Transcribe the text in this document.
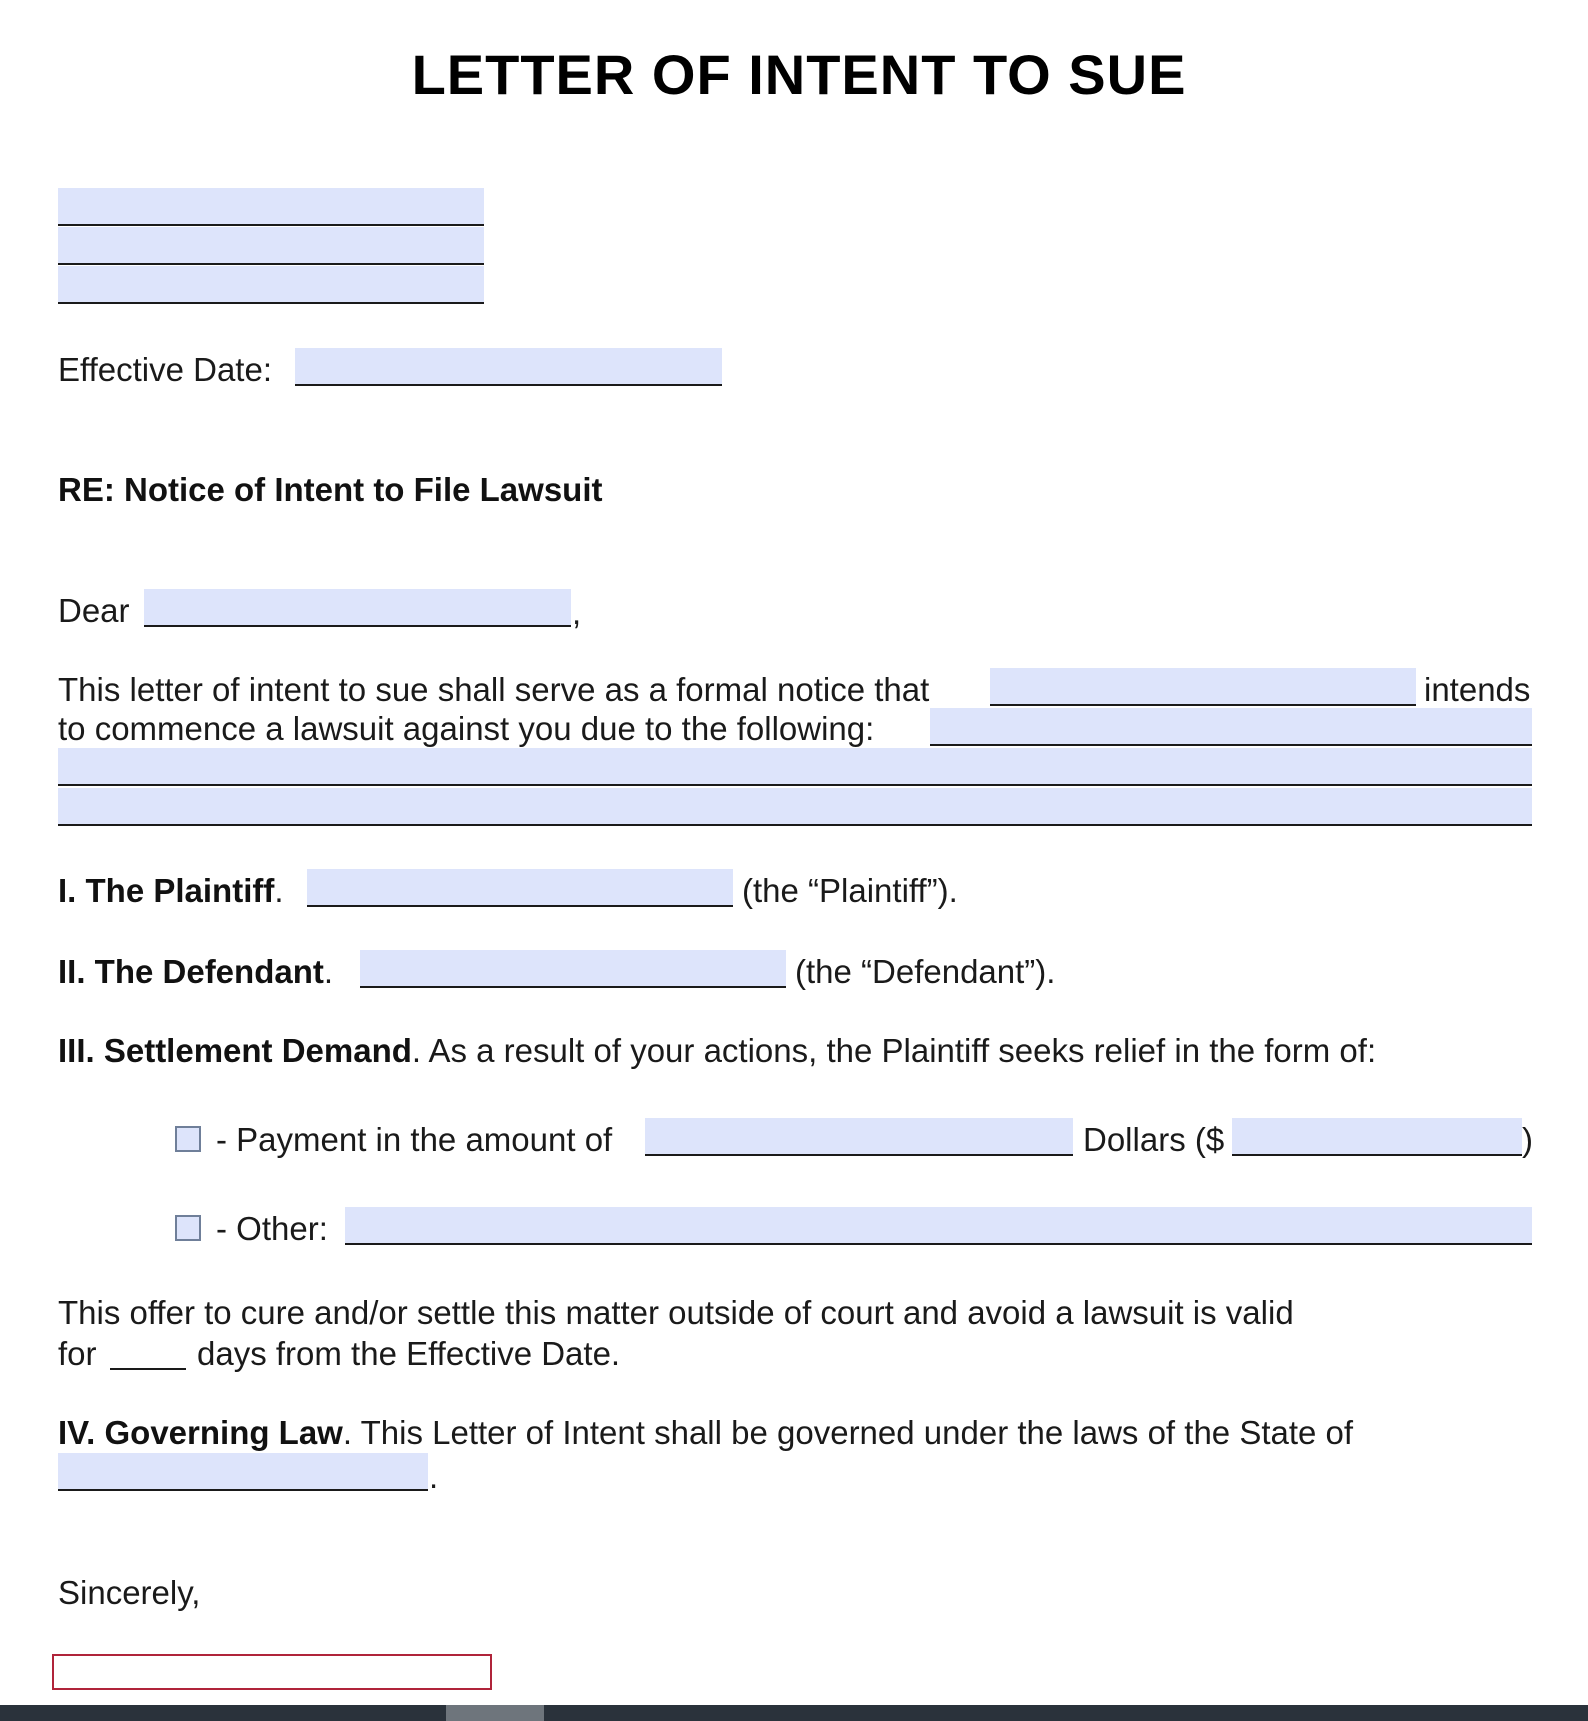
LETTER OF INTENT TO SUE
Effective Date:
RE: Notice of Intent to File Lawsuit
Dear	,
This letter of intent to sue shall serve as a formal notice that	intends
to commence a lawsuit against you due to the following:
I. The Plaintiff.	(the “Plaintiff”).
II. The Defendant.	(the “Defendant”).
III. Settlement Demand. As a result of your actions, the Plaintiff seeks relief in the form of:
- Payment in the amount of	Dollars ($	)
- Other:
This offer to cure and/or settle this matter outside of court and avoid a lawsuit is valid
for	days from the Effective Date.
IV. Governing Law. This Letter of Intent shall be governed under the laws of the State of
.
Sincerely,
